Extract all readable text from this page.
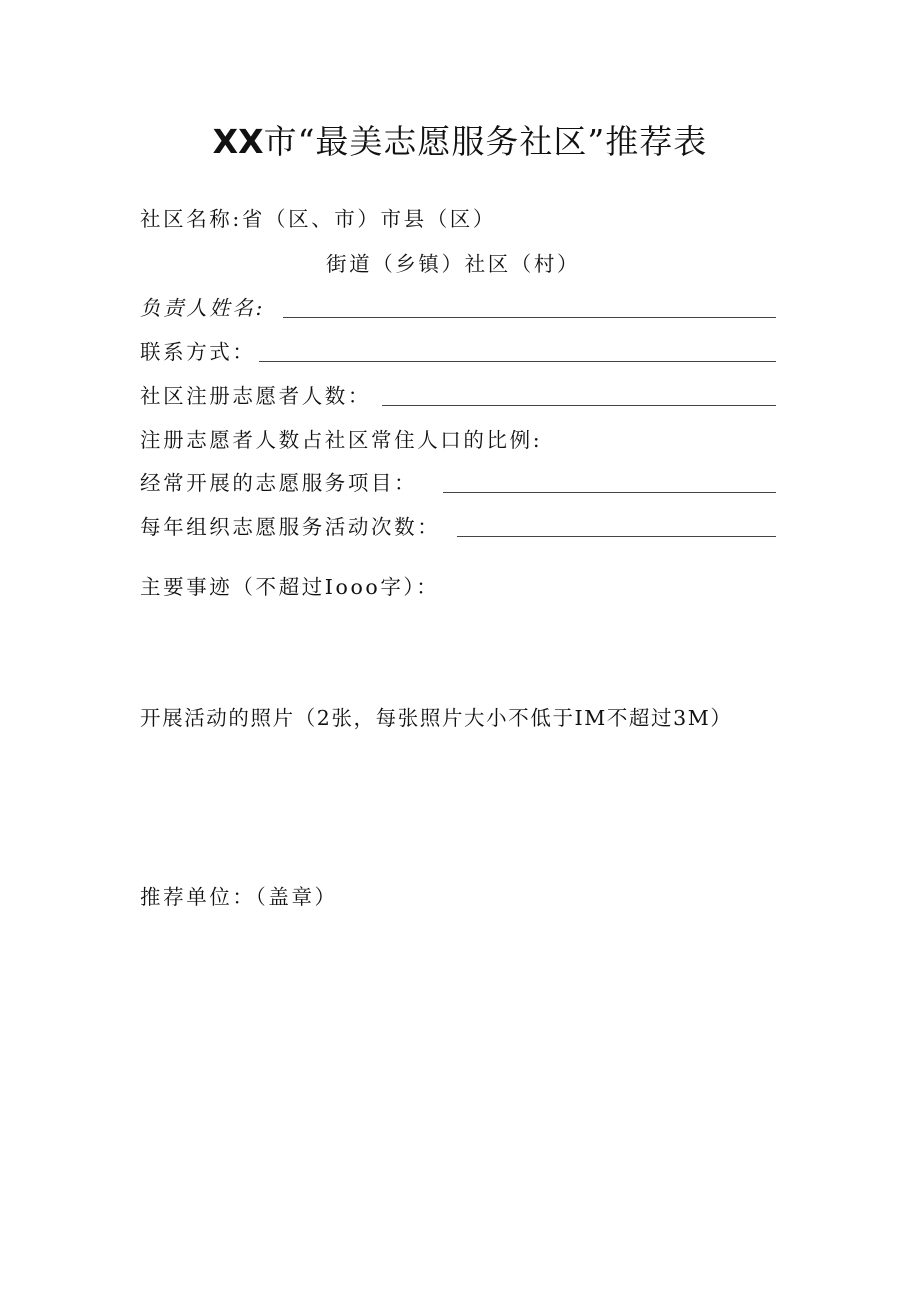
XX市“最美志愿服务社区”推荐表
社区名称:省（区、市）市县（区）
街道（乡镇）社区（村）
负责人姓名:
联系方式：
社区注册志愿者人数：
注册志愿者人数占社区常住人口的比例:
经常开展的志愿服务项目：
每年组织志愿服务活动次数：
主要事迹（不超过Iooo字）：
开展活动的照片（2张，每张照片大小不低于IM不超过3M）
推荐单位：（盖章）
